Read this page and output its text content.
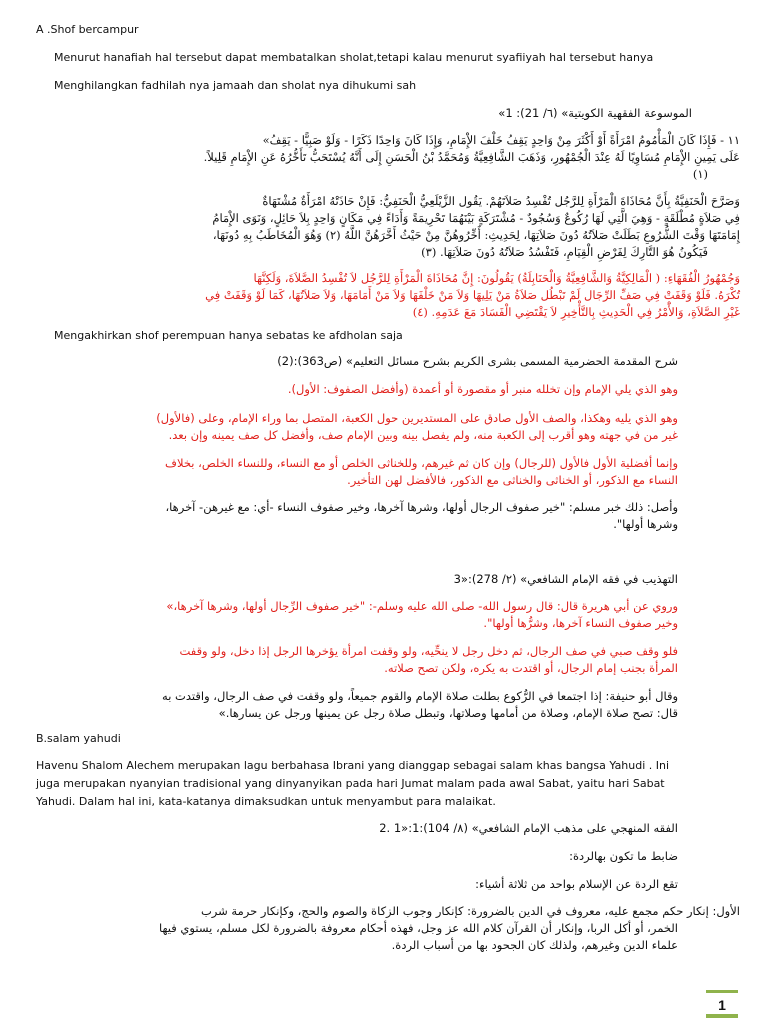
A .Shof bercampur
Menurut hanafiah hal tersebut dapat membatalkan sholat,tetapi kalau menurut syafiiyah hal tersebut hanya
Menghilangkan fadhilah nya jamaah dan sholat nya dihukumi sah
الموسوعة الفقهية الكويتية» (٦/ 21): 1»
١١ - فَإِذَا كَانَ الْمَأْمُومُ امْرَأَةً أَوْ أَكْثَرَ مِنْ وَاحِدٍ يَقِفُ خَلْفَ الإِْمَامِ، وَإِذَا كَانَ وَاحِدًا ذَكَرًا - وَلَوْ صَبِيًّا - يَقِفُ»
عَلَى يَمِينِ الإِْمَامِ مُسَاوِيًا لَهُ عِنْدَ الْجُمْهُورِ، وَذَهَبَ الشَّافِعِيَّةُ وَمُحَمَّدُ بْنُ الْحَسَنِ إِلَى أَنَّهُ يُسْتَحَبُّ تَأَخُّرُهُ عَنِ الإِْمَامِ قَلِيلاً.
(١)
وَصَرَّحَ الْحَنَفِيَّةُ بِأَنَّ مُحَاذَاةَ الْمَرْأَةِ لِلرَّجُل تُفْسِدُ صَلاَتَهُمْ. يَقُول الزَّيْلَعِيُّ الْحَنَفِيُّ: فَإِنْ حَاذَتْهُ امْرَأَةٌ مُشْتَهَاةٌ
فِي صَلاَةٍ مُطْلَقَةٍ - وَهِيَ الَّتِي لَهَا رُكُوعٌ وَسُجُودٌ - مُشْتَرَكَةٍ بَيْنَهُمَا تَحْرِيمَةً وَأَدَاءً فِي مَكَانٍ وَاحِدٍ بِلاَ حَائِلٍ، وَنَوَى الإِْمَامُ
إِمَامَتَهَا وَقْتَ الشُّرُوعِ بَطَلَتْ صَلاَتُهُ دُونَ صَلاَتِهَا، لِحَدِيثِ: أَخِّرُوهُنَّ مِنْ حَيْثُ أَخَّرَهُنَّ اللَّهُ (٢) وَهُوَ الْمُخَاطَبُ بِهِ دُونَهَا،
فَيَكُونُ هُوَ التَّارِكَ لِفَرْضِ الْقِيَامِ، فَتَفْسُدُ صَلاَتُهُ دُونَ صَلاَتِهَا. (٣)
وَجُمْهُورُ الْفُقَهَاءِ: ( الْمَالِكِيَّةُ وَالشَّافِعِيَّةُ وَالْحَنَابِلَةُ) يَقُولُونَ: إِنَّ مُحَاذَاةَ الْمَرْأَةِ لِلرَّجُل لاَ تُفْسِدُ الصَّلاَةَ، وَلَكِنَّهَا
تُكْرَهُ. فَلَوْ وَقَفَتْ فِي صَفِّ الرِّجَال لَمْ تَبْطُل صَلاَةُ مَنْ يَلِيهَا وَلاَ مَنْ خَلْفَهَا وَلاَ مَنْ أَمَامَهَا، وَلاَ صَلاَتُهَا، كَمَا لَوْ وَقَفَتْ فِي
غَيْرِ الصَّلاَةِ، وَالأَْمْرُ فِي الْحَدِيثِ بِالتَّأْخِيرِ لاَ يَقْتَضِي الْفَسَادَ مَعَ عَدَمِهِ. (٤)
Mengakhirkan shof perempuan hanya sebatas ke afdholan saja
شرح المقدمة الحضرمية المسمى بشرى الكريم بشرح مسائل التعليم» (ص363):(2)
وهو الذي يلي الإمام وإن تخلله منبر أو مقصورة أو أعمدة (وأفضل الصفوف: الأول).
وهو الذي يليه وهكذا، والصف الأول صادق على المستديرين حول الكعبة، المتصل بما وراء الإمام، وعلى (فالأول)
غير من في جهته وهو أقرب إلى الكعبة منه، ولم يفصل بينه وبين الإمام صف، وأفضل كل صف يمينه وإن بعد.
وإنما أفضلية الأول فالأول (للرجال) وإن كان ثم غيرهم، وللخناثى الخلص أو مع النساء، وللنساء الخلص، بخلاف
النساء مع الذكور، أو الخناثى والخناثى مع الذكور، فالأفضل لهن التأخير.
وأصل: ذلك خبر مسلم: "خير صفوف الرجال أولها، وشرها آخرها، وخير صفوف النساء -أي: مع غيرهن- آخرها،
وشرها أولها".
التهذيب في فقه الإمام الشافعي» (٢/ 278):«3
وروي عن أبي هريرة قال: قال رسول الله- صلى الله عليه وسلم-: "خير صفوف الرِّجال أولها، وشرها آخرها،»
وخير صفوف النساء آخرها، وشرُّها أولها".
فلو وقف صبي في صف الرجال، ثم دخل رجل لا ينحِّيه، ولو وقفت امرأة يؤخرها الرجل إذا دخل، ولو وقفت
المرأة بجنب إمام الرجال، أو اقتدت به يكره، ولكن تصح صلاته.
وقال أبو حنيفة: إذا اجتمعا في الرُّكوع بطلت صلاة الإمام والقوم جميعاً، ولو وقفت في صف الرجال، واقتدت به
قال: تصح صلاة الإمام، وصلاة من أمامها وصلاتها، وتبطل صلاة رجل عن يمينها ورجل عن يسارها.»
B.salam yahudi
Havenu Shalom Alechem merupakan lagu berbahasa Ibrani yang dianggap sebagai salam khas bangsa Yahudi . Ini
juga merupakan nyanyian tradisional yang dinyanyikan pada hari Jumat malam pada awal Sabat, yaitu hari Sabat
Yahudi. Dalam hal ini, kata-katanya dimaksudkan untuk menyambut para malaikat.
الفقه المنهجي على مذهب الإمام الشافعي» (٨/ 104):1:«1 .2
ضابط ما تكون بهالردة:
تقع الردة عن الإسلام بواحد من ثلاثة أشياء:
الأول: إنكار حكم مجمع عليه، معروف في الدين بالضرورة: كإنكار وجوب الزكاة والصوم والحج، وكإنكار حرمة شرب
الخمر، أو أكل الربا، وإنكار أن القرآن كلام الله عز وجل، فهذه أحكام معروفة بالضرورة لكل مسلم، يستوي فيها
علماء الدين وغيرهم، ولذلك كان الجحود بها من أسباب الردة.
1
